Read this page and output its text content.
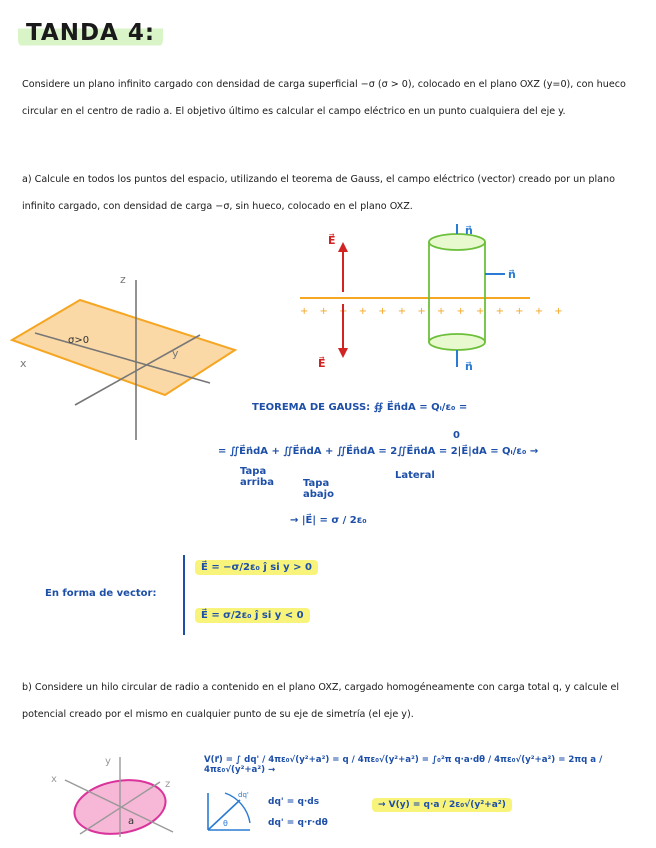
TANDA 4:
Considere un plano infinito cargado con densidad de carga superficial −σ (σ > 0), colocado en el plano OXZ (y=0), con hueco circular en el centro de radio a. El objetivo último es calcular el campo eléctrico en un punto cualquiera del eje y.
a) Calcule en todos los puntos del espacio, utilizando el teorema de Gauss, el campo eléctrico (vector) creado por un plano infinito cargado, con densidad de carga −σ, sin hueco, colocado en el plano OXZ.
z
x
y
σ>0
+ + + + + + + + + + + + + +
E⃗
E⃗
n⃗
n⃗
n⃗
TEOREMA DE GAUSS: ∯ E⃗n⃗dA = Qᵢ/ε₀ =
= ∬E⃗n⃗dA + ∬E⃗n⃗dA + ∬E⃗n⃗dA = 2∬E⃗n⃗dA = 2|E⃗|dA = Qᵢ/ε₀ →
Tapa arriba	Tapa abajo
Lateral
0
→ |E⃗| = σ / 2ε₀
En forma de vector:
E⃗ = −σ/2ε₀ ĵ si y > 0
E⃗ = σ/2ε₀ ĵ si y < 0
b) Considere un hilo circular de radio a contenido en el plano OXZ, cargado homogéneamente con carga total q, y calcule el potencial creado por el mismo en cualquier punto de su eje de simetría (el eje y).
y
x	z
a
V(r⃗) = ∫ dq' / 4πε₀√(y²+a²) = q / 4πε₀√(y²+a²) = ∫₀²π q·a·dθ / 4πε₀√(y²+a²) = 2πq a / 4πε₀√(y²+a²) →
dq'
θ
dq' = q·ds
dq' = q·r·dθ
→ V(y) = q·a / 2ε₀√(y²+a²)
